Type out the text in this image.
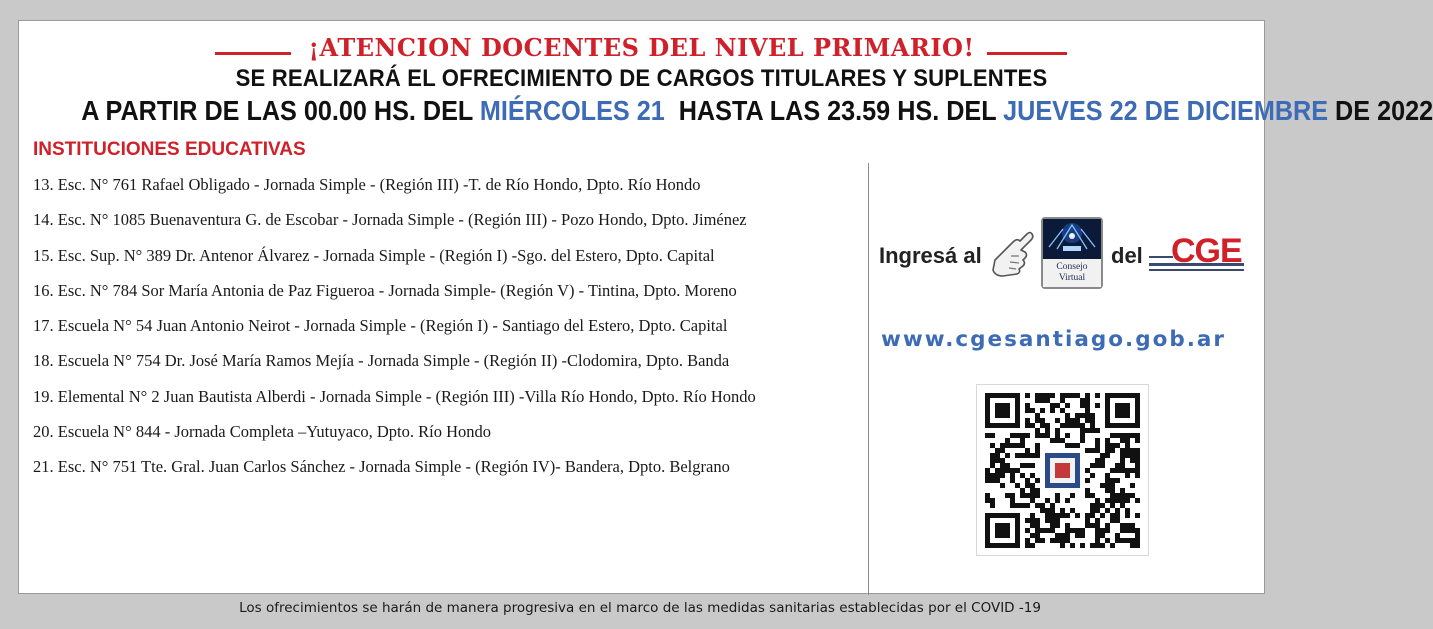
¡ATENCION DOCENTES DEL NIVEL PRIMARIO!
SE REALIZARÁ EL OFRECIMIENTO DE CARGOS TITULARES Y SUPLENTES
A PARTIR DE LAS 00.00 HS. DEL MIÉRCOLES 21  HASTA LAS 23.59 HS. DEL JUEVES 22 DE DICIEMBRE DE 2022
INSTITUCIONES EDUCATIVAS
13. Esc. N° 761 Rafael Obligado - Jornada Simple - (Región III) -T. de Río Hondo, Dpto. Río Hondo
14. Esc. N° 1085 Buenaventura G. de Escobar - Jornada Simple - (Región III) - Pozo Hondo, Dpto. Jiménez
15. Esc. Sup. N° 389 Dr. Antenor Álvarez - Jornada Simple - (Región I) -Sgo. del Estero, Dpto. Capital
16. Esc. N° 784 Sor María Antonia de Paz Figueroa - Jornada Simple- (Región V) - Tintina, Dpto. Moreno
17. Escuela N° 54 Juan Antonio Neirot - Jornada Simple - (Región I) - Santiago del Estero, Dpto. Capital
18. Escuela N° 754 Dr. José María Ramos Mejía - Jornada Simple - (Región II) -Clodomira, Dpto. Banda
19. Elemental N° 2 Juan Bautista Alberdi - Jornada Simple - (Región III) -Villa Río Hondo, Dpto. Río Hondo
20. Escuela N° 844 - Jornada Completa –Yutuyaco, Dpto. Río Hondo
21. Esc. N° 751 Tte. Gral. Juan Carlos Sánchez - Jornada Simple - (Región IV)- Bandera, Dpto. Belgrano
Ingresá al	Consejo
Virtual
del CGE
www.cgesantiago.gob.ar
Los ofrecimientos se harán de manera progresiva en el marco de las medidas sanitarias establecidas por el COVID -19
